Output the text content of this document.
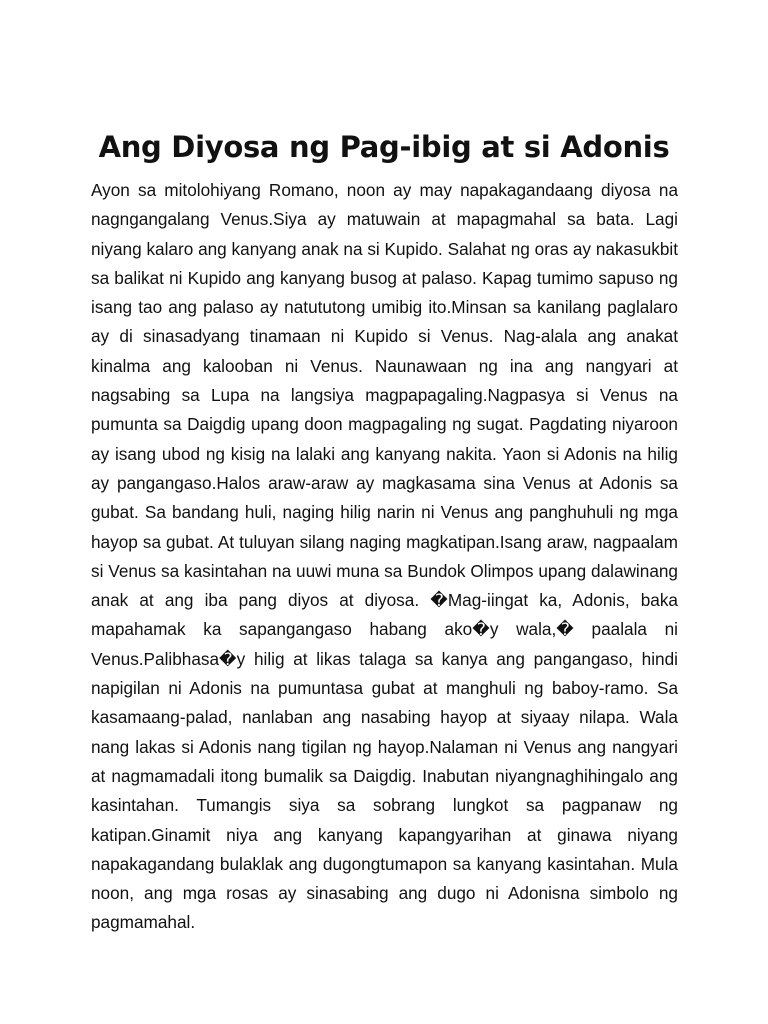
Ang Diyosa ng Pag-ibig at si Adonis

Ayon sa mitolohiyang Romano, noon ay may napakagandaang diyosa na nagngangalang Venus.Siya ay matuwain at mapagmahal sa bata. Lagi niyang kalaro ang kanyang anak na si Kupido. Salahat ng oras ay nakasukbit sa balikat ni Kupido ang kanyang busog at palaso. Kapag tumimo sapuso ng isang tao ang palaso ay natututong umibig ito.Minsan sa kanilang paglalaro ay di sinasadyang tinamaan ni Kupido si Venus. Nag-alala ang anakat kinalma ang kalooban ni Venus. Naunawaan ng ina ang nangyari at nagsabing sa Lupa na langsiya magpapagaling.Nagpasya si Venus na pumunta sa Daigdig upang doon magpagaling ng sugat. Pagdating niyaroon ay isang ubod ng kisig na lalaki ang kanyang nakita. Yaon si Adonis na hilig ay pangangaso.Halos araw-araw ay magkasama sina Venus at Adonis sa gubat. Sa bandang huli, naging hilig narin ni Venus ang panghuhuli ng mga hayop sa gubat. At tuluyan silang naging magkatipan.Isang araw, nagpaalam si Venus sa kasintahan na uuwi muna sa Bundok Olimpos upang dalawinang anak at ang iba pang diyos at diyosa. �Mag-iingat ka, Adonis, baka mapahamak ka sapangangaso habang ako�y wala,� paalala ni Venus.Palibhasa�y hilig at likas talaga sa kanya ang pangangaso, hindi napigilan ni Adonis na pumuntasa gubat at manghuli ng baboy-ramo. Sa kasamaang-palad, nanlaban ang nasabing hayop at siyaay nilapa. Wala nang lakas si Adonis nang tigilan ng hayop.Nalaman ni Venus ang nangyari at nagmamadali itong bumalik sa Daigdig. Inabutan niyangnaghihingalo ang kasintahan. Tumangis siya sa sobrang lungkot sa pagpanaw ng katipan.Ginamit niya ang kanyang kapangyarihan at ginawa niyang napakagandang bulaklak ang dugongtumapon sa kanyang kasintahan. Mula noon, ang mga rosas ay sinasabing ang dugo ni Adonisna simbolo ng pagmamahal.
